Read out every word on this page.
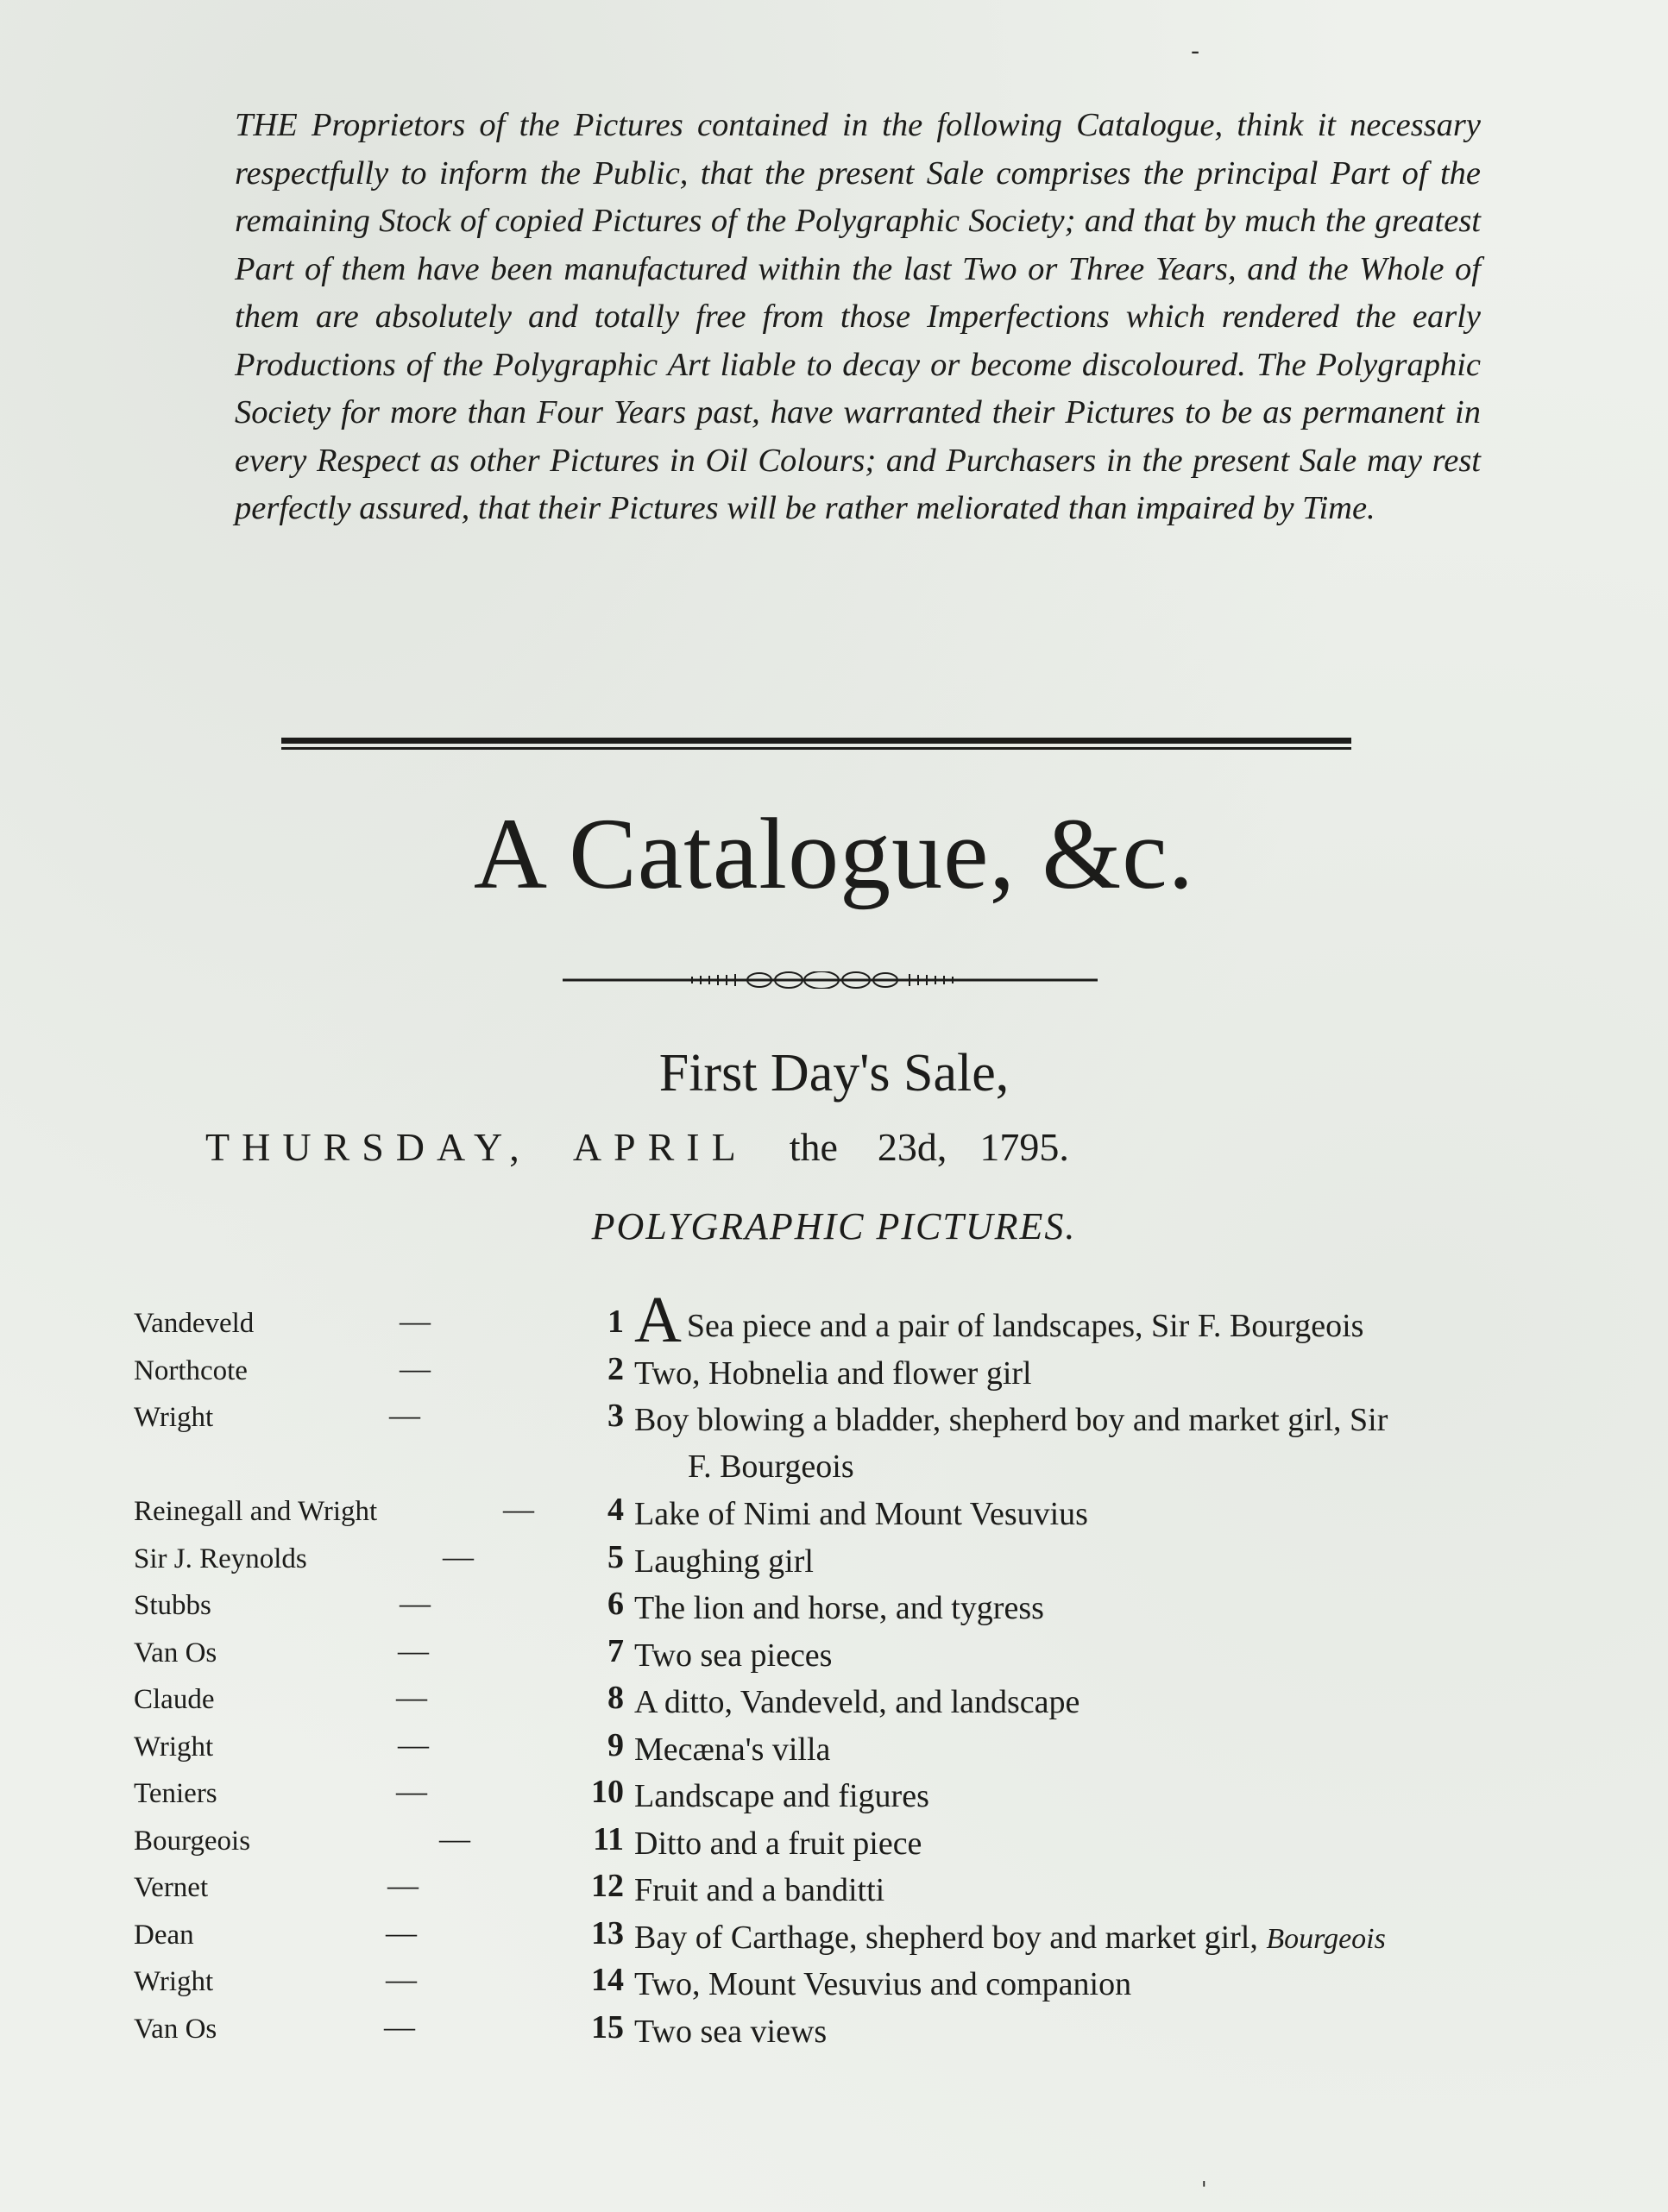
-
'

THE Proprietors of the Pictures contained in the following Catalogue, think it necessary respectfully to inform the Public, that the present Sale comprises the principal Part of the remaining Stock of copied Pictures of the Polygraphic Society; and that by much the greatest Part of them have been manufactured within the last Two or Three Years, and the Whole of them are absolutely and totally free from those Imperfections which rendered the early Productions of the Polygraphic Art liable to decay or become discoloured. The Polygraphic Society for more than Four Years past, have warranted their Pictures to be as permanent in every Respect as other Pictures in Oil Colours; and Purchasers in the present Sale may rest perfectly assured, that their Pictures will be rather meliorated than impaired by Time.

A Catalogue, &c.
First Day's Sale,
THURSDAY, APRIL the 23d, 1795.
POLYGRAPHIC PICTURES.
Vandeveld	—	1 A Sea piece and a pair of landscapes, Sir F. Bourgeois
Northcote	—	2 Two, Hobnelia and flower girl
Wright	—	3 Boy blowing a bladder, shepherd boy and market girl, Sir
F. Bourgeois
Reinegall and Wright	—	4 Lake of Nimi and Mount Vesuvius
Sir J. Reynolds	—	5 Laughing girl
Stubbs	—	6 The lion and horse, and tygress
Van Os	—	7 Two sea pieces
Claude	—	8 A ditto, Vandeveld, and landscape
Wright	—	9 Mecæna's villa
Teniers	—	10 Landscape and figures
Bourgeois	—	11 Ditto and a fruit piece
Vernet	—	12 Fruit and a banditti
Dean	—	13 Bay of Carthage, shepherd boy and market girl, Bourgeois
Wright	—	14 Two, Mount Vesuvius and companion
Van Os	—	15 Two sea views
